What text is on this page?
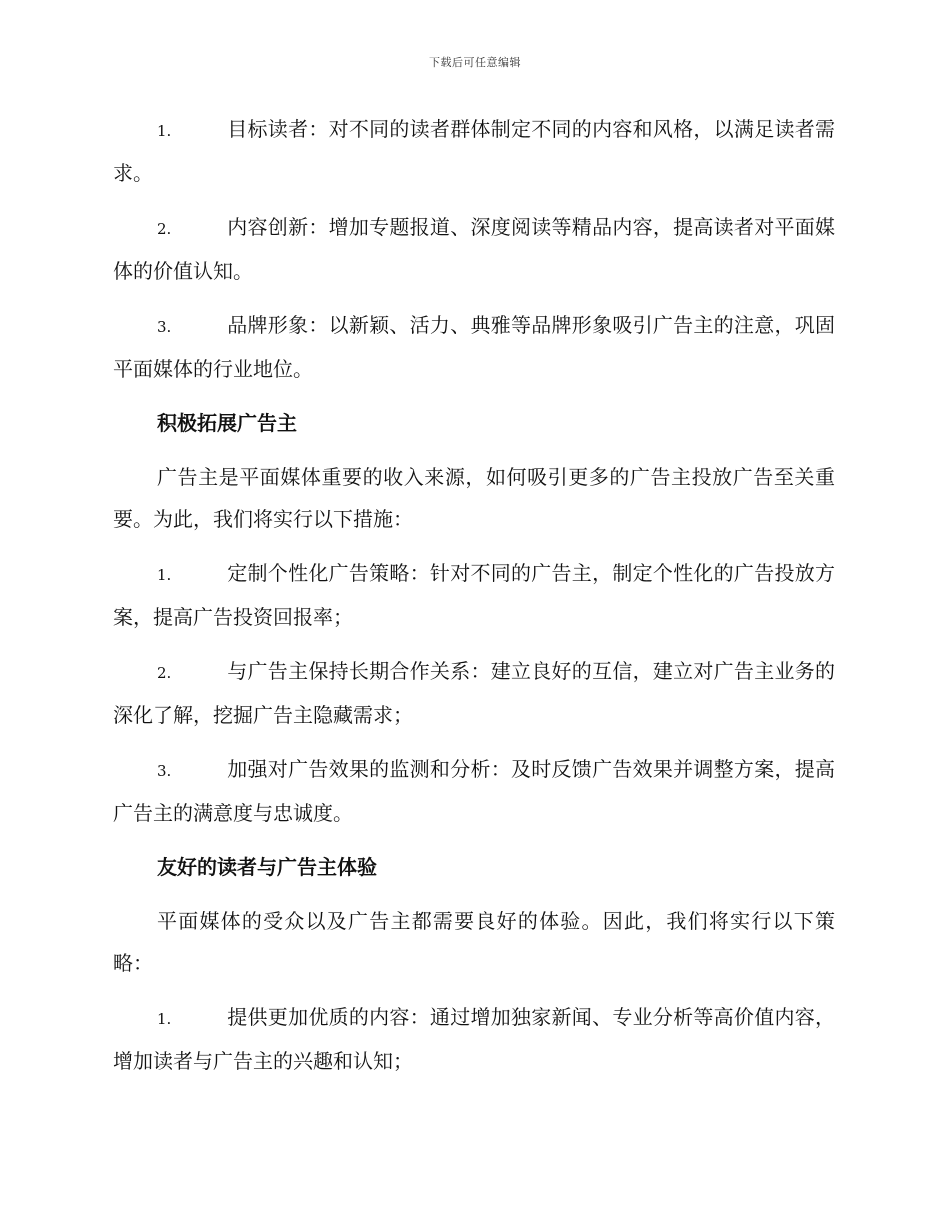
下载后可任意编辑

1.	目标读者：对不同的读者群体制定不同的内容和风格，以满足读者需求。

2.	内容创新：增加专题报道、深度阅读等精品内容，提高读者对平面媒体的价值认知。

3.	品牌形象：以新颖、活力、典雅等品牌形象吸引广告主的注意，巩固平面媒体的行业地位。

积极拓展广告主

广告主是平面媒体重要的收入来源，如何吸引更多的广告主投放广告至关重要。为此，我们将实行以下措施：

1.	定制个性化广告策略：针对不同的广告主，制定个性化的广告投放方案，提高广告投资回报率；

2.	与广告主保持长期合作关系：建立良好的互信，建立对广告主业务的深化了解，挖掘广告主隐藏需求；

3.	加强对广告效果的监测和分析：及时反馈广告效果并调整方案，提高广告主的满意度与忠诚度。

友好的读者与广告主体验

平面媒体的受众以及广告主都需要良好的体验。因此，我们将实行以下策略：

1.	提供更加优质的内容：通过增加独家新闻、专业分析等高价值内容，增加读者与广告主的兴趣和认知；
